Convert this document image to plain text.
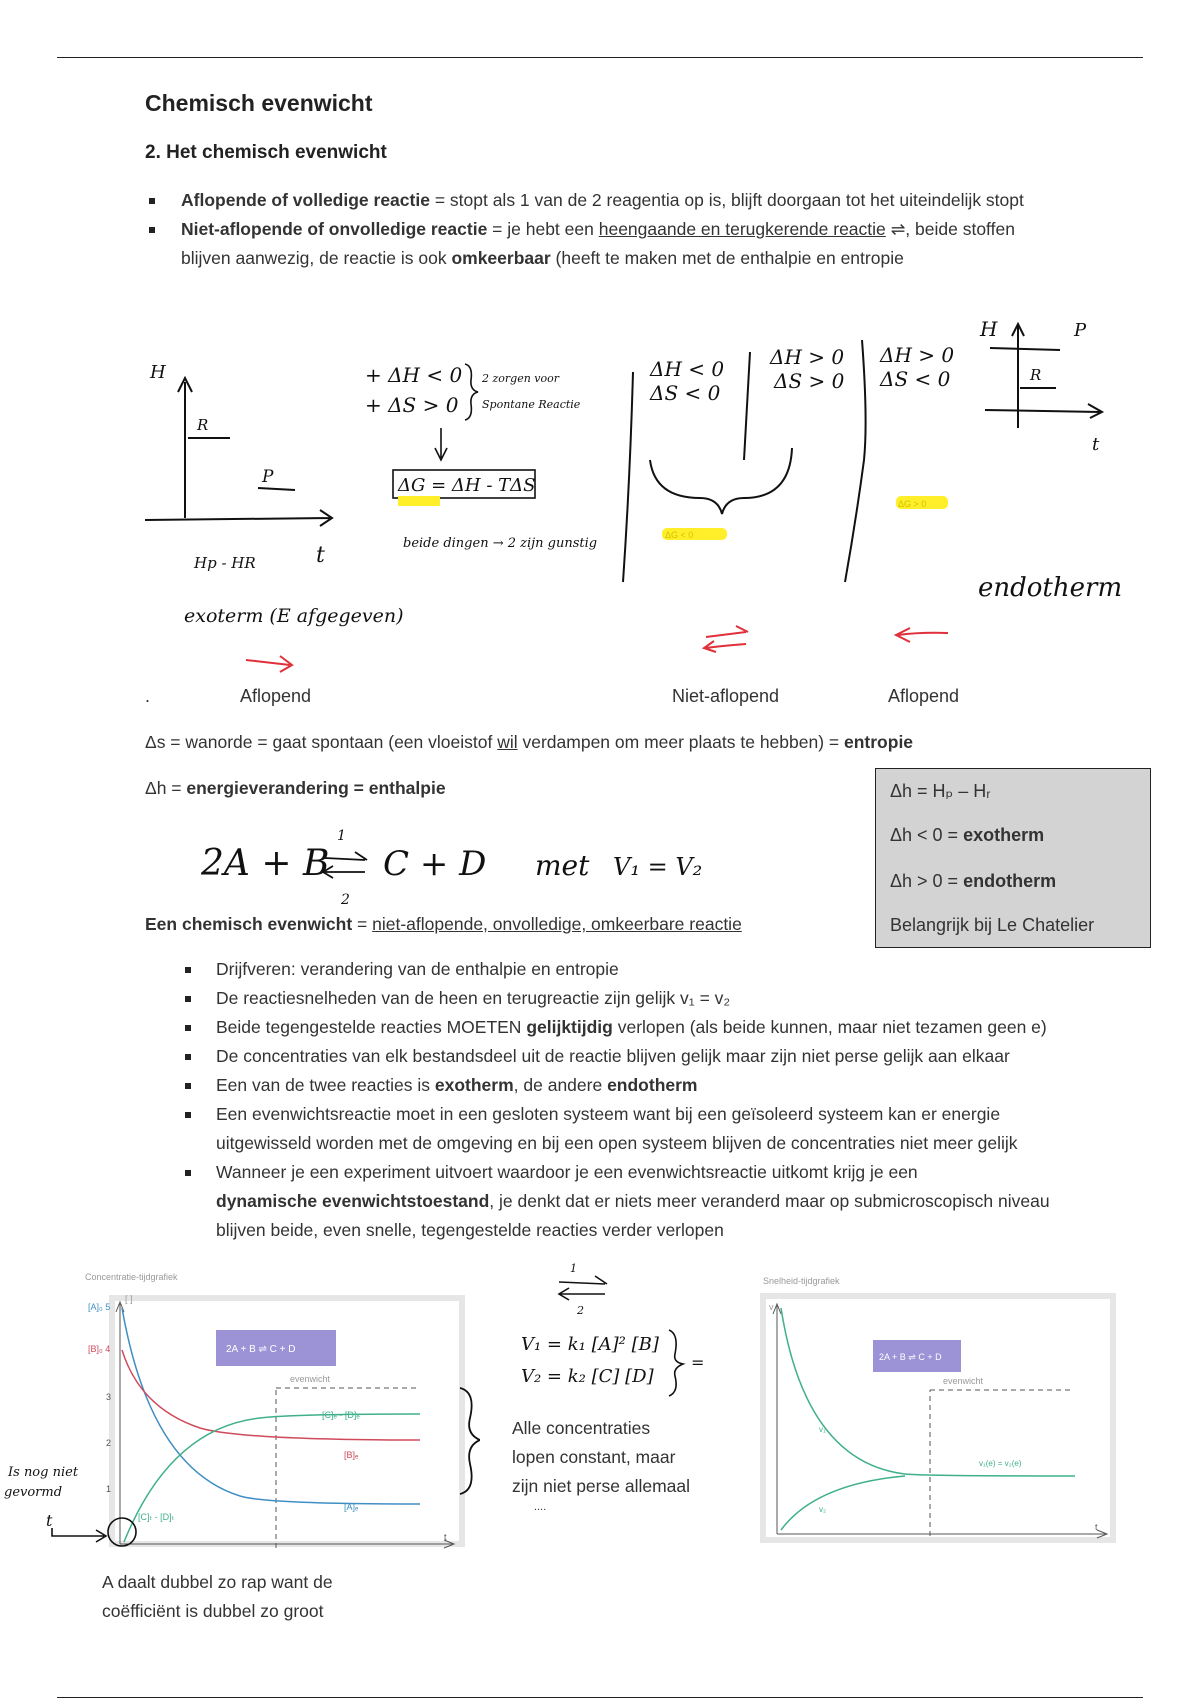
Chemisch evenwicht
2. Het chemisch evenwicht
Aflopende of volledige reactie = stopt als 1 van de 2 reagentia op is, blijft doorgaan tot het uiteindelijk stopt
Niet-aflopende of onvolledige reactie = je hebt een heengaande en terugkerende reactie ⇌, beide stoffen
blijven aanwezig, de reactie is ook omkeerbaar (heeft te maken met de enthalpie en entropie
H
R
P
t
Hp - HR
exoterm (E afgegeven)
+ ΔH < 0
+ ΔS > 0
2 zorgen voor
Spontane Reactie
ΔG = ΔH - TΔS
beide dingen → 2 zijn gunstig
ΔH < 0
ΔS < 0
ΔH > 0
ΔS > 0
ΔH > 0
ΔS < 0
ΔG < 0
ΔG > 0
H
R
P
t
endotherm
.	Aflopend	Niet-aflopend	Aflopend
Δs = wanorde = gaat spontaan (een vloeistof wil verdampen om meer plaats te hebben) = entropie
Δh = energieverandering = enthalpie	Δh = Hₚ – Hᵣ
Δh < 0 = exotherm
Δh > 0 = endotherm
Belangrijk bij Le Chatelier
2A + B
1
2
C + D met V₁ = V₂
Een chemisch evenwicht = niet-aflopende, onvolledige, omkeerbare reactie
Drijfveren: verandering van de enthalpie en entropie
De reactiesnelheden van de heen en terugreactie zijn gelijk v₁ = v₂
Beide tegengestelde reacties MOETEN gelijktijdig verlopen (als beide kunnen, maar niet tezamen geen e)
De concentraties van elk bestandsdeel uit de reactie blijven gelijk maar zijn niet perse gelijk aan elkaar
Een van de twee reacties is exotherm, de andere endotherm
Een evenwichtsreactie moet in een gesloten systeem want bij een geïsoleerd systeem kan er energie
uitgewisseld worden met de omgeving en bij een open systeem blijven de concentraties niet meer gelijk
Wanneer je een experiment uitvoert waardoor je een evenwichtsreactie uitkomt krijg je een
dynamische evenwichtstoestand, je denkt dat er niets meer veranderd maar op submicroscopisch niveau
blijven beide, even snelle, tegengestelde reacties verder verlopen
Concentratie-tijdgrafiek
[ ]
[A]₀ 5
[B]₀ 4
3
2
1
2A + B ⇌ C + D
evenwicht
[C]ₑ - [D]ₑ
[B]ₑ
[A]ₑ
[C]ₜ - [D]ₜ
t
Is nog niet
gevormd
t
A daalt dubbel zo rap want de
coëfficiënt is dubbel zo groot
1
2
V₁ = k₁ [A]² [B]
V₂ = k₂ [C] [D]
=
Alle concentraties
lopen constant, maar
zijn niet perse allemaal
....
Snelheid-tijdgrafiek
v
2A + B ⇌ C + D
evenwicht
v₁
v₂
v₁(e) = v₂(e)
t
